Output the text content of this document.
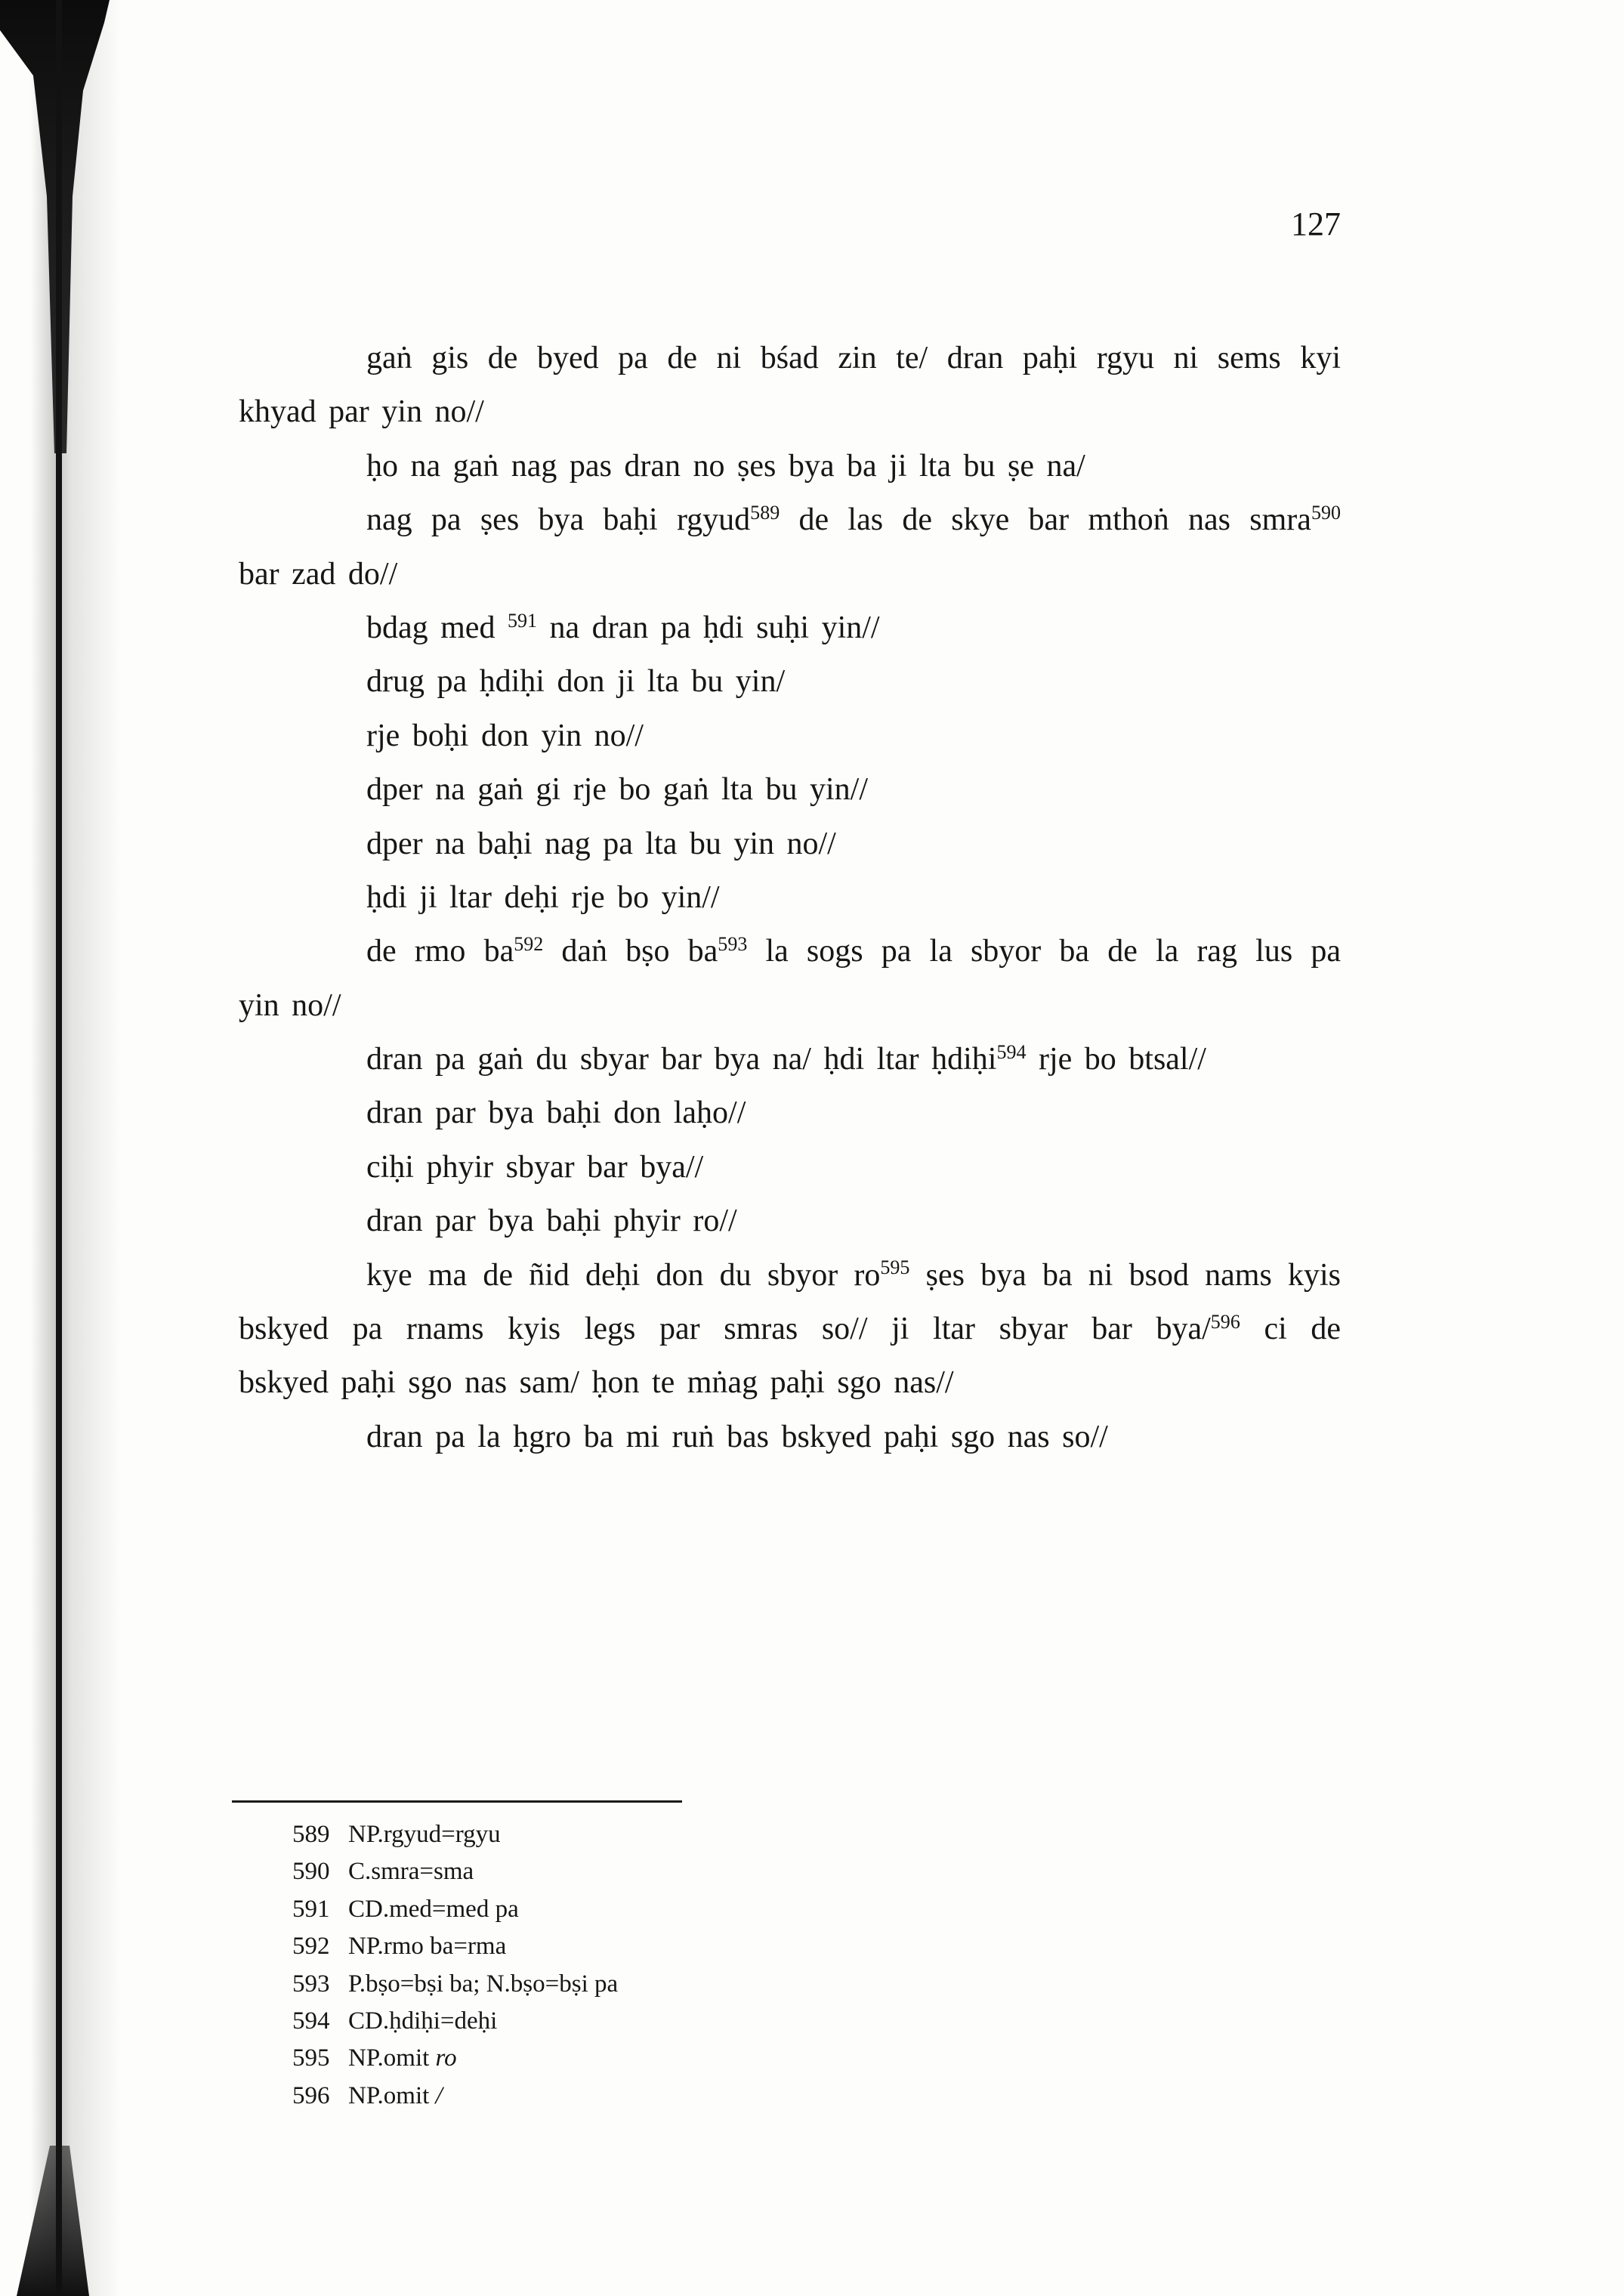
127
gaṅ gis de byed pa de ni bśad zin te/ dran paḥi rgyu ni sems kyi
khyad par yin no//
ḥo na gaṅ nag pas dran no ṣes bya ba ji lta bu ṣe na/
nag pa ṣes bya baḥi rgyud$^{589}$ de las de skye bar mthoṅ nas smra$^{590}$
bar zad do//
bdag med $^{591}$ na dran pa ḥdi suḥi yin//
drug pa ḥdiḥi don ji lta bu yin/
rje boḥi don yin no//
dper na gaṅ gi rje bo gaṅ lta bu yin//
dper na baḥi nag pa lta bu yin no//
ḥdi ji ltar deḥi rje bo yin//
de rmo ba$^{592}$ daṅ bṣo ba$^{593}$ la sogs pa la sbyor ba de la rag lus pa
yin no//
dran pa gaṅ du sbyar bar bya na/ ḥdi ltar ḥdiḥi$^{594}$ rje bo btsal//
dran par bya baḥi don laḥo//
ciḥi phyir sbyar bar bya//
dran par bya baḥi phyir ro//
kye ma de ñid deḥi don du sbyor ro$^{595}$ ṣes bya ba ni bsod nams kyis
bskyed pa rnams kyis legs par smras so// ji ltar sbyar bar bya/$^{596}$ ci de
bskyed paḥi sgo nas sam/ ḥon te mṅag paḥi sgo nas//
dran pa la ḥgro ba mi ruṅ bas bskyed paḥi sgo nas so//
589 NP.rgyud=rgyu
590 C.smra=sma
591 CD.med=med pa
592 NP.rmo ba=rma
593 P.bṣo=bṣi ba; N.bṣo=bṣi pa
594 CD.ḥdiḥi=deḥi
595 NP.omit ro
596 NP.omit /
